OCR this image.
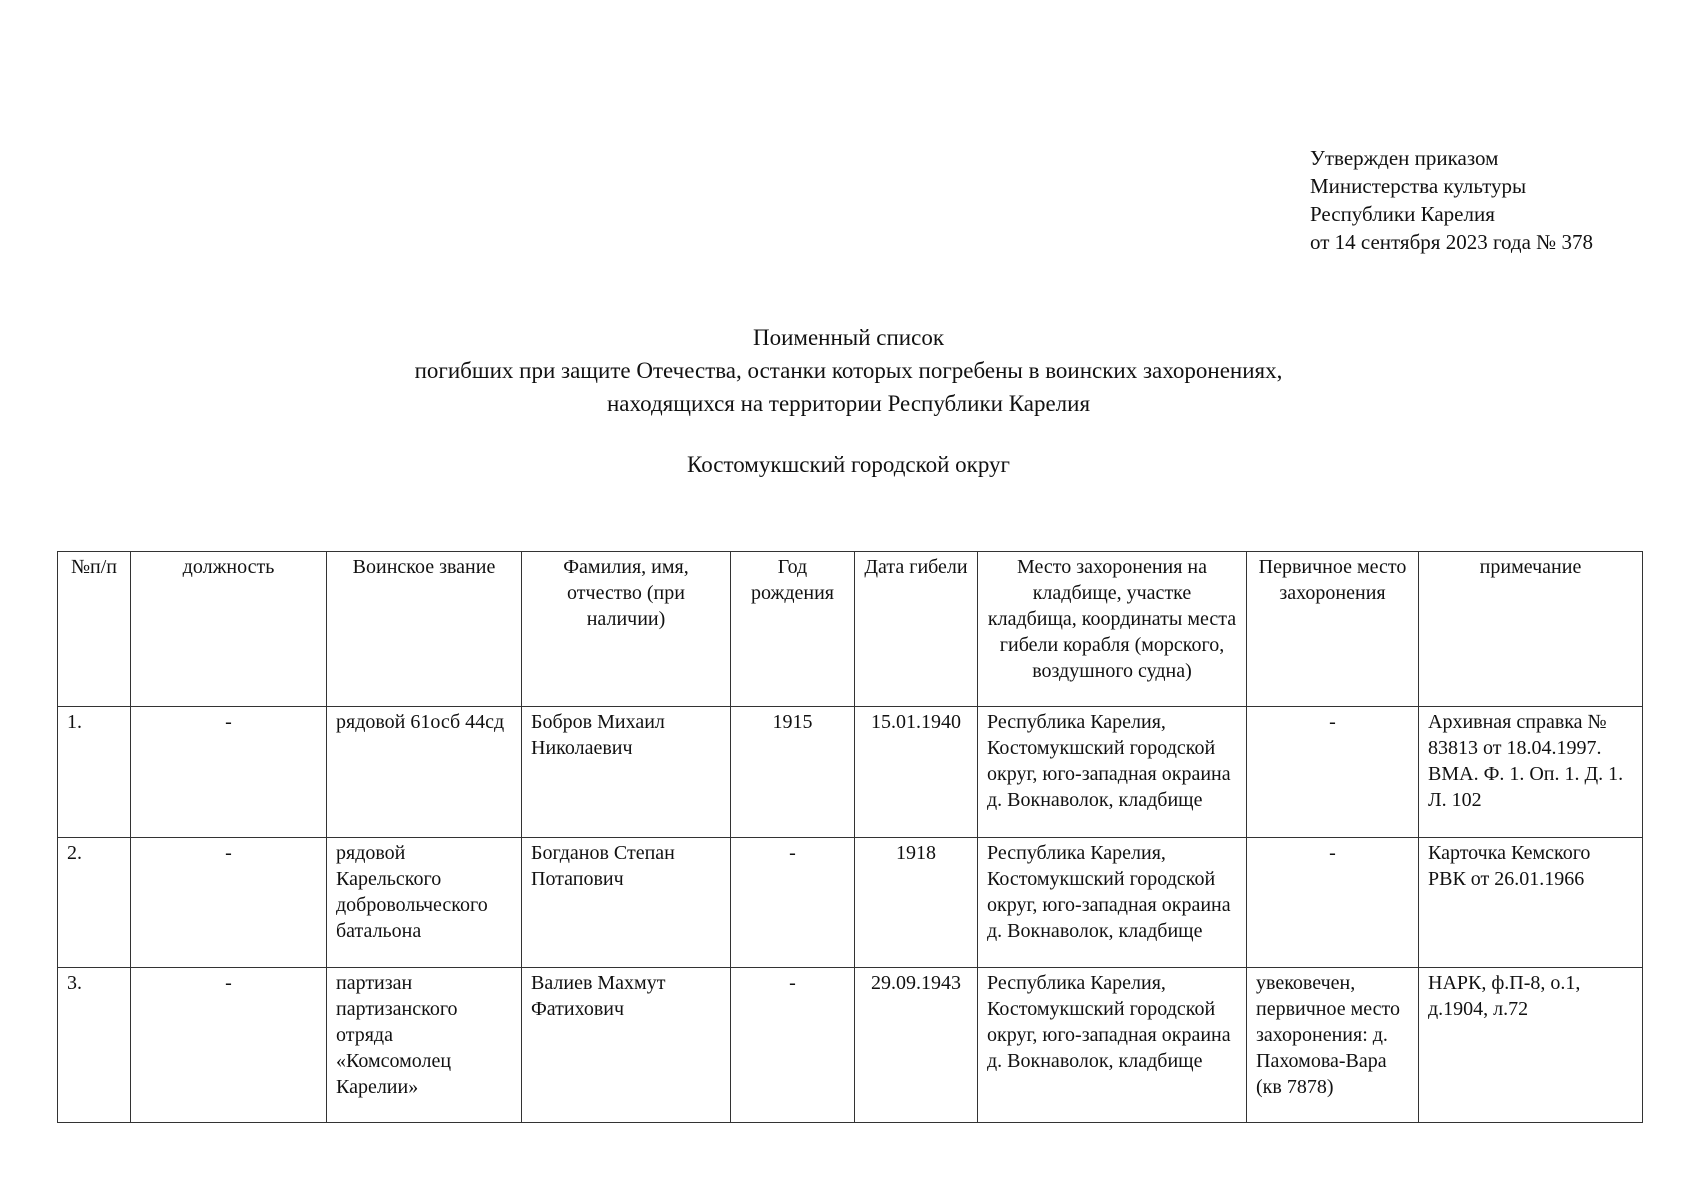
Утвержден приказом
Министерства культуры
Республики Карелия
от 14 сентября 2023 года № 378
Поименный список
погибших при защите Отечества, останки которых погребены в воинских захоронениях,
находящихся на территории Республики Карелия
Костомукшский городской округ
№п/п	должность	Воинское звание	Фамилия, имя, отчество (при наличии)	Год рождения	Дата гибели	Место захоронения на кладбище, участке кладбища, координаты места гибели корабля (морского, воздушного судна)	Первичное место захоронения	примечание
1.	-	рядовой 61осб 44сд	Бобров Михаил Николаевич	1915	15.01.1940	Республика Карелия, Костомукшский городской округ, юго-западная окраина д. Вокнаволок, кладбище	-	Архивная справка № 83813 от 18.04.1997. ВМА. Ф. 1. Оп. 1. Д. 1. Л. 102
2.	-	рядовой Карельского добровольческого батальона	Богданов Степан Потапович	-	1918	Республика Карелия, Костомукшский городской округ, юго-западная окраина д. Вокнаволок, кладбище	-	Карточка Кемского РВК от 26.01.1966
3.	-	партизан партизанского отряда «Комсомолец Карелии»	Валиев Махмут Фатихович	-	29.09.1943	Республика Карелия, Костомукшский городской округ, юго-западная окраина д. Вокнаволок, кладбище	увековечен, первичное место захоронения: д. Пахомова-Вара (кв 7878)	НАРК, ф.П-8, о.1, д.1904, л.72
